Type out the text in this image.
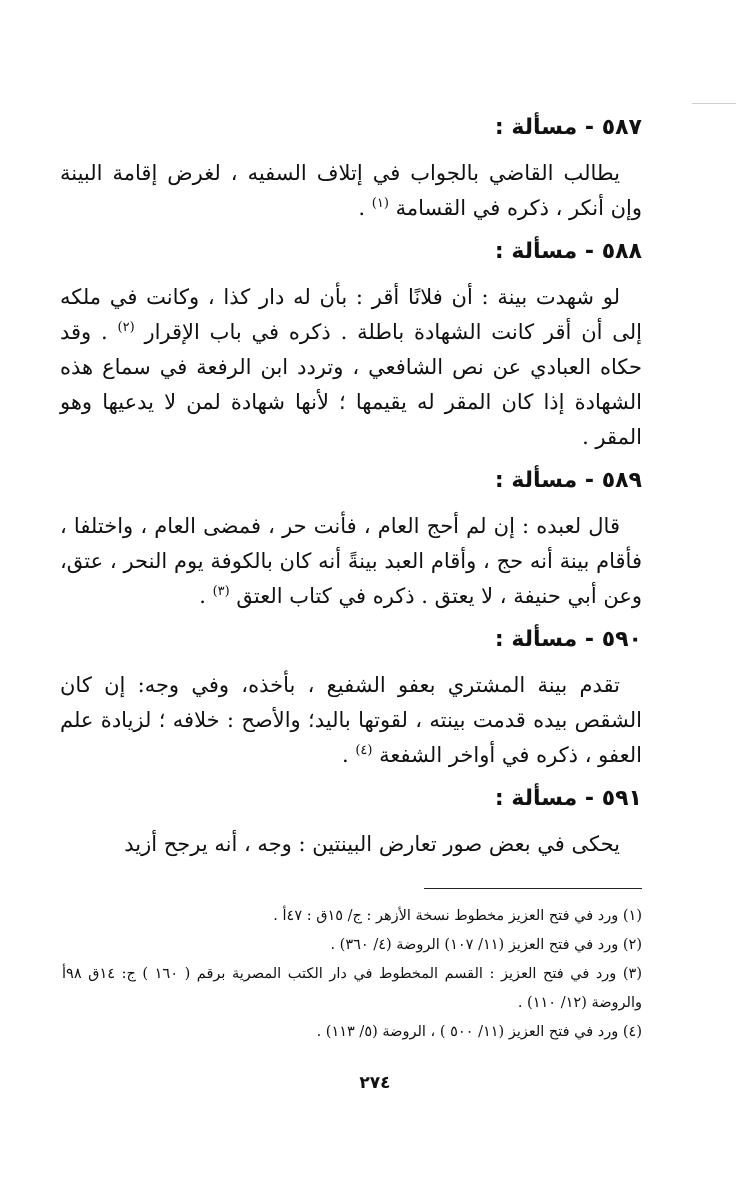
٥٨٧ - مسألة :

يطالب القاضي بالجواب في إتلاف السفيه ، لغرض إقامة البينة وإن أنكر ، ذكره في القسامة $^{(١)}$ .

٥٨٨ - مسألة :

لو شهدت بينة : أن فلانًا أقر : بأن له دار كذا ، وكانت في ملكه إلى أن أقر كانت الشهادة باطلة . ذكره في باب الإقرار $^{(٢)}$ . وقد حكاه العبادي عن نص الشافعي ، وتردد ابن الرفعة في سماع هذه الشهادة إذا كان المقر له يقيمها ؛ لأنها شهادة لمن لا يدعيها وهو المقر .

٥٨٩ - مسألة :

قال لعبده : إن لم أحج العام ، فأنت حر ، فمضى العام ، واختلفا ، فأقام بينة أنه حج ، وأقام العبد بينةً أنه كان بالكوفة يوم النحر ، عتق، وعن أبي حنيفة ، لا يعتق . ذكره في كتاب العتق $^{(٣)}$ .

٥٩٠ - مسألة :

تقدم بينة المشتري بعفو الشفيع ، بأخذه، وفي وجه: إن كان الشقص بيده قدمت بينته ، لقوتها باليد؛ والأصح : خلافه ؛ لزيادة علم العفو ، ذكره في أواخر الشفعة $^{(٤)}$ .

٥٩١ - مسألة :

يحكى في بعض صور تعارض البينتين : وجه ، أنه يرجح أزيد

(١) ورد في فتح العزيز مخطوط نسخة الأزهر : ج/ ١٥ق : ٤٧أ .

(٢) ورد في فتح العزيز (١١/ ١٠٧) الروضة (٤/ ٣٦٠) .

(٣) ورد في فتح العزيز : القسم المخطوط في دار الكتب المصرية برقم ( ١٦٠ ) ج: ١٤ق ٩٨أ والروضة (١٢/ ١١٠) .

(٤) ورد في فتح العزيز (١١/ ٥٠٠ ) ، الروضة (٥/ ١١٣) .

٢٧٤
